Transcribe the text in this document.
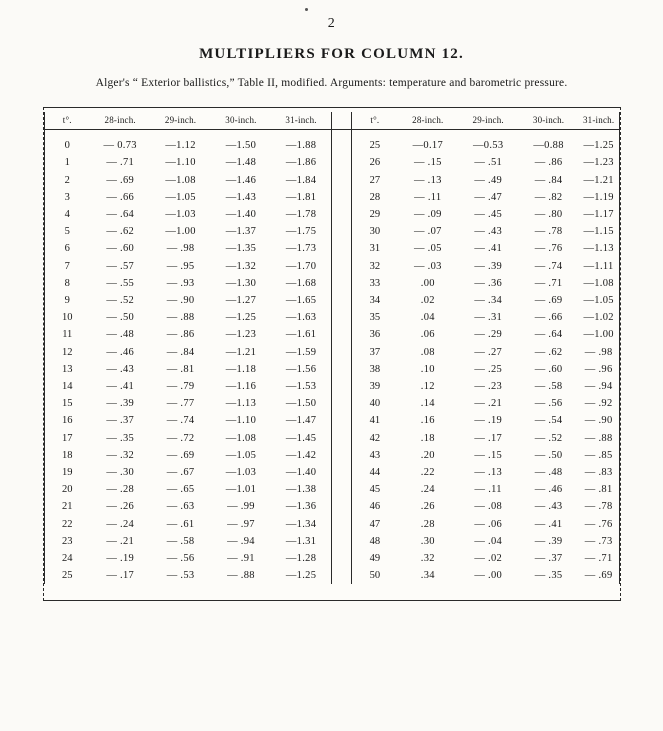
2
MULTIPLIERS FOR COLUMN 12.
Alger's “ Exterior ballistics,” Table II, modified. Arguments: temperature and barometric pressure.
t°.	28-inch.	29-inch.	30-inch.	31-inch.		t°.	28-inch.	29-inch.	30-inch.	31-inch.
0	— 0.73	—1.12	—1.50	—1.88		25	—0.17	—0.53	—0.88	—1.25
1	— .71	—1.10	—1.48	—1.86		26	— .15	— .51	— .86	—1.23
2	— .69	—1.08	—1.46	—1.84		27	— .13	— .49	— .84	—1.21
3	— .66	—1.05	—1.43	—1.81		28	— .11	— .47	— .82	—1.19
4	— .64	—1.03	—1.40	—1.78		29	— .09	— .45	— .80	—1.17
5	— .62	—1.00	—1.37	—1.75		30	— .07	— .43	— .78	—1.15
6	— .60	— .98	—1.35	—1.73		31	— .05	— .41	— .76	—1.13
7	— .57	— .95	—1.32	—1.70		32	— .03	— .39	— .74	—1.11
8	— .55	— .93	—1.30	—1.68		33	.00	— .36	— .71	—1.08
9	— .52	— .90	—1.27	—1.65		34	.02	— .34	— .69	—1.05
10	— .50	— .88	—1.25	—1.63		35	.04	— .31	— .66	—1.02
11	— .48	— .86	—1.23	—1.61		36	.06	— .29	— .64	—1.00
12	— .46	— .84	—1.21	—1.59		37	.08	— .27	— .62	— .98
13	— .43	— .81	—1.18	—1.56		38	.10	— .25	— .60	— .96
14	— .41	— .79	—1.16	—1.53		39	.12	— .23	— .58	— .94
15	— .39	— .77	—1.13	—1.50		40	.14	— .21	— .56	— .92
16	— .37	— .74	—1.10	—1.47		41	.16	— .19	— .54	— .90
17	— .35	— .72	—1.08	—1.45		42	.18	— .17	— .52	— .88
18	— .32	— .69	—1.05	—1.42		43	.20	— .15	— .50	— .85
19	— .30	— .67	—1.03	—1.40		44	.22	— .13	— .48	— .83
20	— .28	— .65	—1.01	—1.38		45	.24	— .11	— .46	— .81
21	— .26	— .63	— .99	—1.36		46	.26	— .08	— .43	— .78
22	— .24	— .61	— .97	—1.34		47	.28	— .06	— .41	— .76
23	— .21	— .58	— .94	—1.31		48	.30	— .04	— .39	— .73
24	— .19	— .56	— .91	—1.28		49	.32	— .02	— .37	— .71
25	— .17	— .53	— .88	—1.25		50	.34	— .00	— .35	— .69
